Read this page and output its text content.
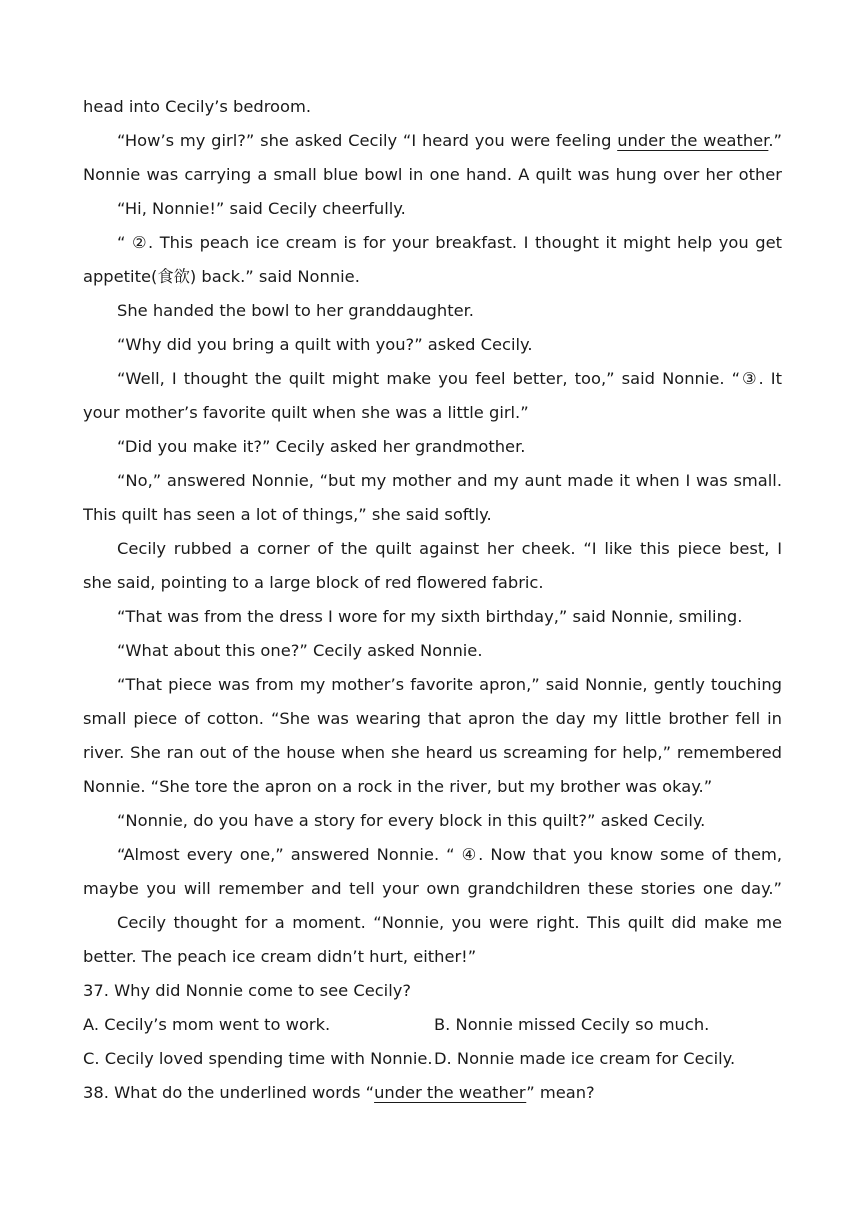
head into Cecily’s bedroom.
“How’s my girl?” she asked Cecily “I heard you were feeling under the weather.”
Nonnie was carrying a small blue bowl in one hand. A quilt was hung over her other
“Hi, Nonnie!” said Cecily cheerfully.
“ ②. This peach ice cream is for your breakfast. I thought it might help you get
appetite(食欲) back.” said Nonnie.
She handed the bowl to her granddaughter.
“Why did you bring a quilt with you?” asked Cecily.
“Well, I thought the quilt might make you feel better, too,” said Nonnie. “③. It
your mother’s favorite quilt when she was a little girl.”
“Did you make it?” Cecily asked her grandmother.
“No,” answered Nonnie, “but my mother and my aunt made it when I was small.
This quilt has seen a lot of things,” she said softly.
Cecily rubbed a corner of the quilt against her cheek. “I like this piece best, I
she said, pointing to a large block of red flowered fabric.
“That was from the dress I wore for my sixth birthday,” said Nonnie, smiling.
“What about this one?” Cecily asked Nonnie.
“That piece was from my mother’s favorite apron,” said Nonnie, gently touching
small piece of cotton. “She was wearing that apron the day my little brother fell in
river. She ran out of the house when she heard us screaming for help,” remembered
Nonnie. “She tore the apron on a rock in the river, but my brother was okay.”
“Nonnie, do you have a story for every block in this quilt?” asked Cecily.
“Almost every one,” answered Nonnie. “ ④. Now that you know some of them,
maybe you will remember and tell your own grandchildren these stories one day.”
Cecily thought for a moment. “Nonnie, you were right. This quilt did make me
better. The peach ice cream didn’t hurt, either!”
37. Why did Nonnie come to see Cecily?
A. Cecily’s mom went to work.	B. Nonnie missed Cecily so much.
C. Cecily loved spending time with Nonnie. D. Nonnie made ice cream for Cecily.
38. What do the underlined words “under the weather” mean?
